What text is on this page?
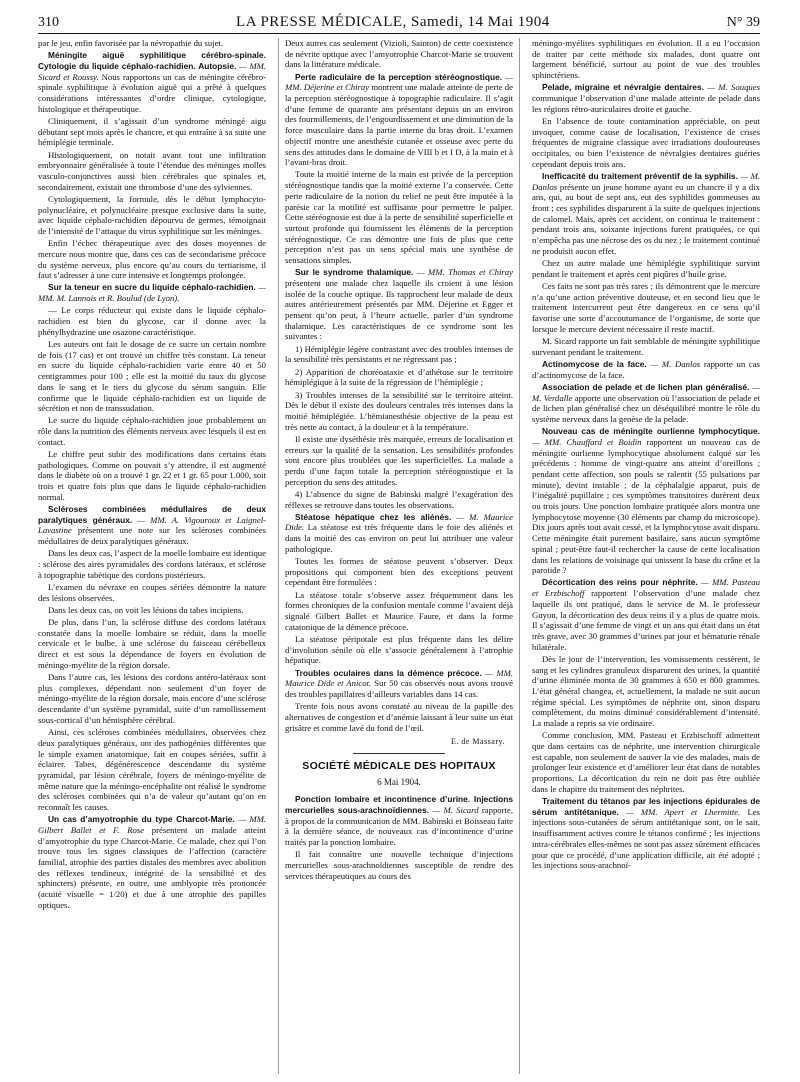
310	LA PRESSE MÉDICALE, Samedi, 14 Mai 1904	N° 39

par le jeu, enfin favorisée par la névropathie du sujet.

Méningite aiguë syphilitique cérébro-spinale. Cytologie du liquide céphalo-rachidien. Autopsie. — MM. Sicard et Roussy. Nous rapportons un cas de méningite cérébro-spinale syphilitique à évolution aiguë qui a prêté à quelques considérations intéressantes d’ordre clinique, cytologique, histologique et thérapeutique.

Cliniquement, il s’agissait d’un syndrome méningé aigu débutant sept mois après le chancre, et qui entraîne à sa suite une hémiplégie terminale.

Histologiquement, on notait avant tout une infiltration embryonnaire généralisée à toute l’étendue des méninges molles vasculo-conjonctives aussi bien cérébrales que spinales et, secondairement, existait une thrombose d’une des sylviennes.

Cytologiquement, la formule, dès le début lymphocyto-polynucléaire, et polynucléaire presque exclusive dans la suite, avec liquide céphalo-rachidien dépourvu de germes, témoignait de l’intensité de l’attaque du virus syphilitique sur les méninges.

Enfin l’échec thérapeutique avec des doses moyennes de mercure nous montre que, dans ces cas de secondarisme précoce du système nerveux, plus encore qu’au cours du tertiarisme, il faut s’adresser à une cure intensive et longtemps prolongée.

Sur la teneur en sucre du liquide céphalo-rachidien. — MM. M. Lannois et R. Boulud (de Lyon).

— Le corps réducteur qui existe dans le liquide céphalo-rachidien est bien du glycose, car il donne avec la phénylhydrazine une osazone caractéristique.

Les auteurs ont fait le dosage de ce sucre un certain nombre de fois (17 cas) et ont trouvé un chiffre très constant. La teneur en sucre du liquide céphalo-rachidien varie entre 40 et 50 centigrammes pour 100 ; elle est la moitié du taux du glycose dans le sang et le tiers du glycose du sérum sanguin. Elle confirme que le liquide céphalo-rachidien est un liquide de sécrétion et non de transsudation.

Le sucre du liquide céphalo-rachidien joue probablement un rôle dans la nutrition des éléments nerveux avec lesquels il est en contact.

Le chiffre peut subir des modifications dans certains états pathologiques. Comme on pouvait s’y attendre, il est augmenté dans le diabète où on a trouvé 1 gr. 22 et 1 gr. 65 pour 1.000, soit trois et quatre fois plus que dans le liquide céphalo-rachidien normal.

Scléroses combinées médullaires de deux paralytiques généraux. — MM. A. Vigouroux et Laignel-Lavastine présentent une note sur les scléroses combinées médullaires de deux paralytiques généraux.

Dans les deux cas, l’aspect de la moelle lombaire est identique : sclérose des aires pyramidales des cordons latéraux, et sclérose à topographie tabétique des cordons postérieurs.

L’examen du névraxe en coupes sériées démontre la nature des lésions observées.

Dans les deux cas, on voit les lésions du tabes incipiens.

De plus, dans l’un, la sclérose diffuse des cordons latéraux constatée dans la moelle lombaire se réduit, dans la moelle cervicale et le bulbe, à une sclérose du faisceau cérébelleux direct et est sous la dépendance de foyers en évolution de méningo-myélite de la région dorsale.

Dans l’autre cas, les lésions des cordons antéro-latéraux sont plus complexes, dépendant non seulement d’un foyer de méningo-myélite de la région dorsale, mais encore d’une sclérose descendante d’un système pyramidal, suite d’un ramollissement sous-cortical d’un hémisphère cérébral.

Ainsi, ces scléroses combinées médullaires, observées chez deux paralytiques généraux, ont des pathogénies différentes que le simple examen anatomique, fait en coupes sériées, suffit à éclairer. Tabes, dégénérescence descendante du système pyramidal, par lésion cérébrale, foyers de méningo-myélite de même nature que la méningo-encéphalite ont réalisé le syndrome des scléroses combinées qui n’a de valeur qu’autant qu’on en reconnaît les causes.

Un cas d’amyotrophie du type Charcot-Marie. — MM. Gilbert Ballet et F. Rose présentent un malade atteint d’amyotrophie du type Charcot-Marie. Ce malade, chez qui l’on trouve tous les signes classiques de l’affection (caractère familial, atrophie des parties distales des membres avec abolition des réflexes tendineux, intégrité de la sensibilité et des sphincters) présente, en outre, une amblyopie très prononcée (acuité visuelle = 1/20) et due à une atrophie des papilles optiques.

Deux autres cas seulement (Vizioli, Sainton) de cette coexistence de névrite optique avec l’amyotrophie Charcot-Marie se trouvent dans la littérature médicale.

Perte radiculaire de la perception stéréognostique. — MM. Déjerine et Chiray montrent une malade atteinte de perte de la perception stéréognostique à topographie radiculaire. Il s’agit d’une femme de quarante ans présentant depuis un an environ des fourmillements, de l’engourdissement et une diminution de la force musculaire dans la partie interne du bras droit. L’examen objectif montre une anesthésie cutanée et osseuse avec perte du sens des attitudes dans le domaine de VIII b et I D, à la main et à l’avant-bras droit.

Toute la moitié interne de la main est privée de la perception stéréognostique tandis que la moitié externe l’a conservée. Cette perte radiculaire de la notion du relief ne peut être imputée à la parésie car la motilité est suffisante pour permettre le palper. Cette stéréognosie est due à la perte de sensibilité superficielle et surtout profonde qui fournissent les éléments de la perception stéréognostique. Ce cas démontre une fois de plus que cette perception n’est pas un sens spécial mais une synthèse de sensations simples.

Sur le syndrome thalamique. — MM. Thomas et Chiray présentent une malade chez laquelle ils croient à une lésion isolée de la couche optique. Ils rapprochent leur malade de deux autres antérieurement présentés par MM. Déjerine et Egger et pensent qu’on peut, à l’heure actuelle, parler d’un syndrome thalamique. Les caractéristiques de ce syndrome sont les suivantes :

1) Hémiplégie légère contrastant avec des troubles intenses de la sensibilité très persistants et ne régressant pas ;

2) Apparition de choréoataxie et d’athétose sur le territoire hémiplégique à la suite de la régression de l’hémiplégie ;

3) Troubles intenses de la sensibilité sur le territoire atteint. Dès le début il existe des douleurs centrales très intenses dans la moitié hémiplégiée. L’hémianesthésie objective de la peau est très nette au contact, à la douleur et à la température.

Il existe une dyséthésie très marquée, erreurs de localisation et erreurs sur la qualité de la sensation. Les sensibilités profondes sont encore plus troublées que les superficielles. La malade a perdu d’une façon totale la perception stéréognostique et la perception du sens des attitudes.

4) L’absence du signe de Babinski malgré l’exagération des réflexes se retrouve dans toutes les observations.

Stéatose hépatique chez les aliénés. — M. Maurice Dide. La stéatose est très fréquente dans le foie des aliénés et dans la moitié des cas environ on peut lui attribuer une valeur pathologique.

Toutes les formes de stéatose peuvent s’observer. Deux propositions qui comportent bien des exceptions peuvent cependant être formulées :

La stéatose totale s’observe assez fréquemment dans les formes chroniques de la confusion mentale comme l’avaient déjà signalé Gilbert Ballet et Maurice Faure, et dans la forme catatonique de la démence précoce.

La stéatose péripotale est plus fréquente dans les délire d’involution sénile où elle s’associe généralement à l’atrophie hépatique.

Troubles oculaires dans la démence précoce. — MM. Maurice Dide et Anicot. Sur 50 cas observés nous avons trouvé des troubles papillaires d’ailleurs variables dans 14 cas.

Trente fois nous avons constaté au niveau de la papille des alternatives de congestion et d’anémie laissant à leur suite un état grisâtre et comme lavé du fond de l’œil.

E. de Massary.
SOCIÉTÉ MÉDICALE DES HOPITAUX
6 Mai 1904.

Ponction lombaire et incontinence d’urine. Injections mercurielles sous-arachnoïdiennes. — M. Sicard rapporte, à propos de la communication de MM. Babinski et Boisseau faite à la dernière séance, de nouveaux cas d’incontinence d’urine traités par la ponction lombaire.

Il fait connaître une nouvelle technique d’injections mercurielles sous-arachnoïdiennes susceptible de rendre des services thérapeutiques au cours des

méningo-myélites syphilitiques en évolution. Il a eu l’occasion de traiter par cette méthode six malades, dont quatre ont largement bénéficié, surtout au point de vue des troubles sphinctériens.

Pelade, migraine et névralgie dentaires. — M. Souques communique l’observation d’une malade atteinte de pelade dans les régions rétro-auriculaires droite et gauche.

En l’absence de toute contamination appréciable, on peut invoquer, comme cause de localisation, l’existence de crises fréquentes de migraine classique avec irradiations douloureuses occipitales, ou bien l’existence de névralgies dentaires guéries cependant depuis trois ans.

Inefficacité du traitement préventif de la syphilis. — M. Danlos présente un jeune homme ayant eu un chancre il y a dix ans, qui, au bout de sept ans, eut des syphilides gommeuses au front ; ces syphilides disparurent à la suite de quelques injections de calomel. Mais, après cet accident, on continua le traitement : pendant trois ans, soixante injections furent pratiquées, ce qui n’empêcha pas une nécrose des os du nez ; le traitement continué ne produisit aucun effet.

Chez un autre malade une hémiplégie syphilitique survint pendant le traitement et après cent piqûres d’huile grise.

Ces faits ne sont pas très rares ; ils démontrent que le mercure n’a qu’une action préventive douteuse, et en second lieu que le traitement intercurrent peut être dangereux en ce sens qu’il favorise une sorte d’accoutumance de l’organisme, de sorte que lorsque le mercure devient nécessaire il reste inactif.

M. Sicard rapporte un fait semblable de méningite syphilitique survenant pendant le traitement.

Actinomycose de la face. — M. Danlos rapporte un cas d’actinomycose de la face.

Association de pelade et de lichen plan généralisé. — M. Verdalle apporte une observation où l’association de pelade et de lichen plan généralisé chez un déséquilibré montre le rôle du système nerveux dans la genèse de la pelade.

Nouveau cas de méningite ourlienne lymphocytique. — MM. Chauffard et Boidin rapportent un nouveau cas de méningite ourlienne lymphocytique absolument calqué sur les précédents : homme de vingt-quatre ans atteint d’oreillons ; pendant cette affection, son pouls se ralentit (55 pulsations par minute), devint instable ; de la céphalalgie apparut, puis de l’inégalité pupillaire ; ces symptômes transitoires durèrent deux ou trois jours. Une ponction lombaire pratiquée alors montra une lymphocytose moyenne (30 éléments par champ du microscope). Dix jours après tout avait cessé, et la lymphocytose avait disparu. Cette méningite était purement basilaire, sans aucun symptôme spinal ; peut-être faut-il rechercher la cause de cette localisation dans les relations de voisinage qui unissent la base du crâne et la parotide ?

Décortication des reins pour néphrite. — MM. Pasteau et Erzbischoff rapportent l’observation d’une malade chez laquelle ils ont pratiqué, dans le service de M. le professeur Guyon, la décortication des deux reins il y a plus de quatre mois. Il s’agissait d’une femme de vingt et un ans qui était dans un état très grave, avec 30 grammes d’urines par jour et hématurie rénale bilatérale.

Dès le jour de l’intervention, les vomissements cessèrent, le sang et les cylindres granuleux disparurent des urines, la quantité d’urine éliminée monta de 30 grammes à 650 et 800 grammes. L’état général changea, et, actuellement, la malade ne suit aucun régime spécial. Les symptômes de néphrite ont, sinon disparu complètement, du moins diminué considérablement d’intensité. La malade a repris sa vie ordinaire.

Comme conclusion, MM. Pasteau et Erzbischoff admettent que dans certains cas de néphrite, une intervention chirurgicale est capable, non seulement de sauver la vie des malades, mais de prolonger leur existence et d’améliorer leur état dans de notables proportions. La décortication du rein ne doit pas être oubliée dans le chapitre du traitement des néphrites.

Traitement du tétanos par les injections épidurales de sérum antitétanique. — MM. Apert et Lhermitte. Les injections sous-cutanées de sérum antitétanique sont, on le sait, insuffisamment actives contre le tétanos confirmé ; les injections intra-cérébrales elles-mêmes ne sont pas assez sûrement efficaces pour que ce procédé, d’une application difficile, ait été adopté ; les injections sous-arachnoï-
